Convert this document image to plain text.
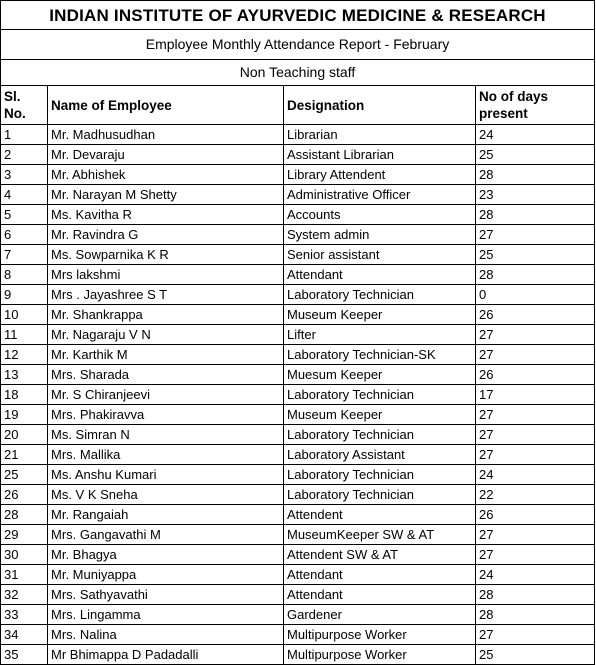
INDIAN INSTITUTE OF AYURVEDIC MEDICINE & RESEARCH			
Employee Monthly Attendance Report - February			
Non Teaching staff			
Sl. No.	Name of Employee	Designation	No of days
present
1	Mr. Madhusudhan	Librarian	24
2	Mr. Devaraju	Assistant Librarian	25
3	Mr. Abhishek	Library Attendent	28
4	Mr. Narayan M Shetty	Administrative Officer	23
5	Ms. Kavitha R	Accounts	28
6	Mr. Ravindra G	System admin	27
7	Ms. Sowparnika K R	Senior assistant	25
8	Mrs lakshmi	Attendant	28
9	Mrs . Jayashree S T	Laboratory Technician	0
10	Mr. Shankrappa	Museum Keeper	26
11	Mr. Nagaraju V N	Lifter	27
12	Mr. Karthik M	Laboratory Technician-SK	27
13	Mrs. Sharada	Muesum Keeper	26
18	Mr. S Chiranjeevi	Laboratory Technician	17
19	Mrs. Phakiravva	Museum Keeper	27
20	Ms. Simran N	Laboratory Technician	27
21	Mrs. Mallika	Laboratory Assistant	27
25	Ms. Anshu Kumari	Laboratory Technician	24
26	Ms. V K Sneha	Laboratory Technician	22
28	Mr. Rangaiah	Attendent	26
29	Mrs. Gangavathi M	MuseumKeeper SW & AT	27
30	Mr. Bhagya	Attendent SW & AT	27
31	Mr. Muniyappa	Attendant	24
32	Mrs. Sathyavathi	Attendant	28
33	Mrs. Lingamma	Gardener	28
34	Mrs. Nalina	Multipurpose Worker	27
35	Mr Bhimappa D Padadalli	Multipurpose Worker	25
